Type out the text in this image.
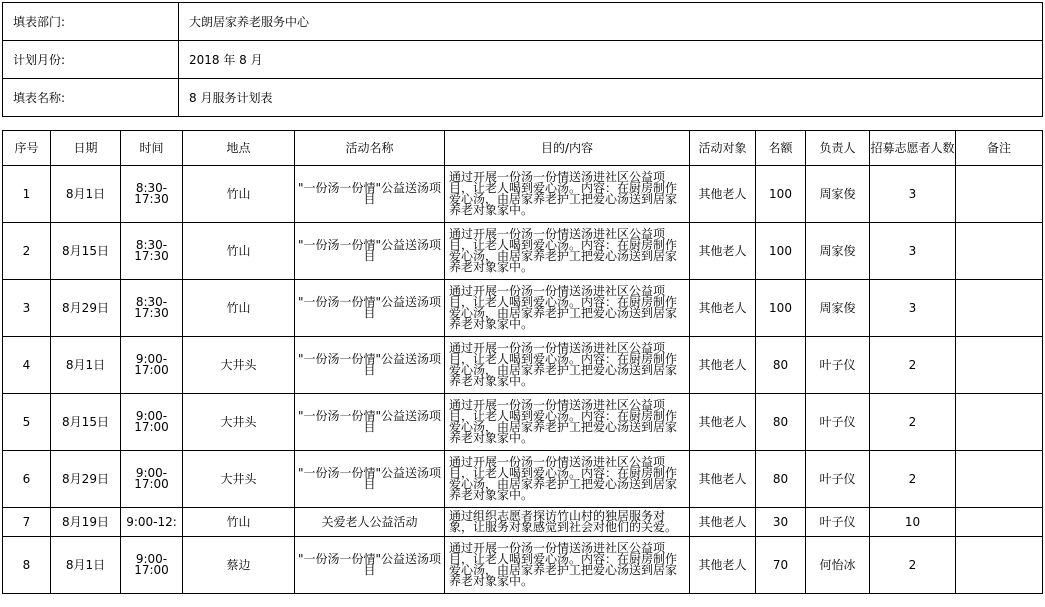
填表部门:	大朗居家养老服务中心
计划月份:	2018 年 8 月
填表名称:	8 月服务计划表
序号	日期	时间	地点	活动名称	目的/内容	活动对象	名额	负责人	招募志愿者人数	备注
1	8月1日	8:30-17:30	竹山	"一份汤一份情"公益送汤项目	通过开展一份汤一份情送汤进社区公益项目，让老人喝到爱心汤。内容：在厨房制作爱心汤，由居家养老护工把爱心汤送到居家养老对象家中。	其他老人	100	周家俊	3	
2	8月15日	8:30-17:30	竹山	"一份汤一份情"公益送汤项目	通过开展一份汤一份情送汤进社区公益项目，让老人喝到爱心汤。内容：在厨房制作爱心汤，由居家养老护工把爱心汤送到居家养老对象家中。	其他老人	100	周家俊	3	
3	8月29日	8:30-17:30	竹山	"一份汤一份情"公益送汤项目	通过开展一份汤一份情送汤进社区公益项目，让老人喝到爱心汤。内容：在厨房制作爱心汤，由居家养老护工把爱心汤送到居家养老对象家中。	其他老人	100	周家俊	3	
4	8月1日	9:00-17:00	大井头	"一份汤一份情"公益送汤项目	通过开展一份汤一份情送汤进社区公益项目，让老人喝到爱心汤。内容：在厨房制作爱心汤，由居家养老护工把爱心汤送到居家养老对象家中。	其他老人	80	叶子仪	2	
5	8月15日	9:00-17:00	大井头	"一份汤一份情"公益送汤项目	通过开展一份汤一份情送汤进社区公益项目，让老人喝到爱心汤。内容：在厨房制作爱心汤，由居家养老护工把爱心汤送到居家养老对象家中。	其他老人	80	叶子仪	2	
6	8月29日	9:00-17:00	大井头	"一份汤一份情"公益送汤项目	通过开展一份汤一份情送汤进社区公益项目，让老人喝到爱心汤。内容：在厨房制作爱心汤，由居家养老护工把爱心汤送到居家养老对象家中。	其他老人	80	叶子仪	2	
7	8月19日	9:00-12:	竹山	关爱老人公益活动	通过组织志愿者探访竹山村的独居服务对象，让服务对象感觉到社会对他们的关爱。	其他老人	30	叶子仪	10	
8	8月1日	9:00-17:00	蔡边	"一份汤一份情"公益送汤项目	通过开展一份汤一份情送汤进社区公益项目，让老人喝到爱心汤。内容：在厨房制作爱心汤，由居家养老护工把爱心汤送到居家养老对象家中。	其他老人	70	何怡冰	2	
